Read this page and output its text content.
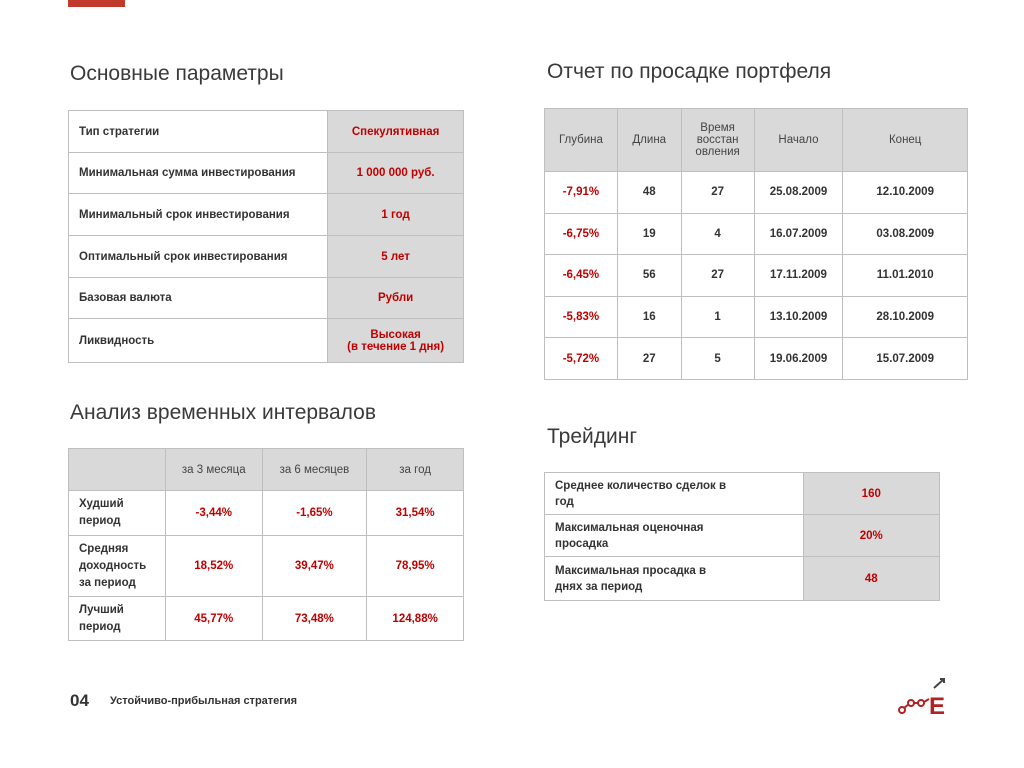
Основные параметры
Тип стратегии	Спекулятивная
Минимальная сумма инвестирования	1 000 000 руб.
Минимальный срок инвестирования	1 год
Оптимальный срок инвестирования	5 лет
Базовая валюта	Рубли
Ликвидность	Высокая
(в течение 1 дня)
Отчет по просадке портфеля
Глубина	Длина	Время восстан овления	Начало	Конец
-7,91%	48	27	25.08.2009	12.10.2009
-6,75%	19	4	16.07.2009	03.08.2009
-6,45%	56	27	17.11.2009	11.01.2010
-5,83%	16	1	13.10.2009	28.10.2009
-5,72%	27	5	19.06.2009	15.07.2009
Анализ временных интервалов
	за 3 месяца	за 6 месяцев	за год
Худший период	-3,44%	-1,65%	31,54%
Средняя доходность за период	18,52%	39,47%	78,95%
Лучший период	45,77%	73,48%	124,88%
Трейдинг
Среднее количество сделок в год	160
Максимальная оценочная просадка	20%
Максимальная просадка в днях за период	48
04 Устойчиво-прибыльная стратегия	E
